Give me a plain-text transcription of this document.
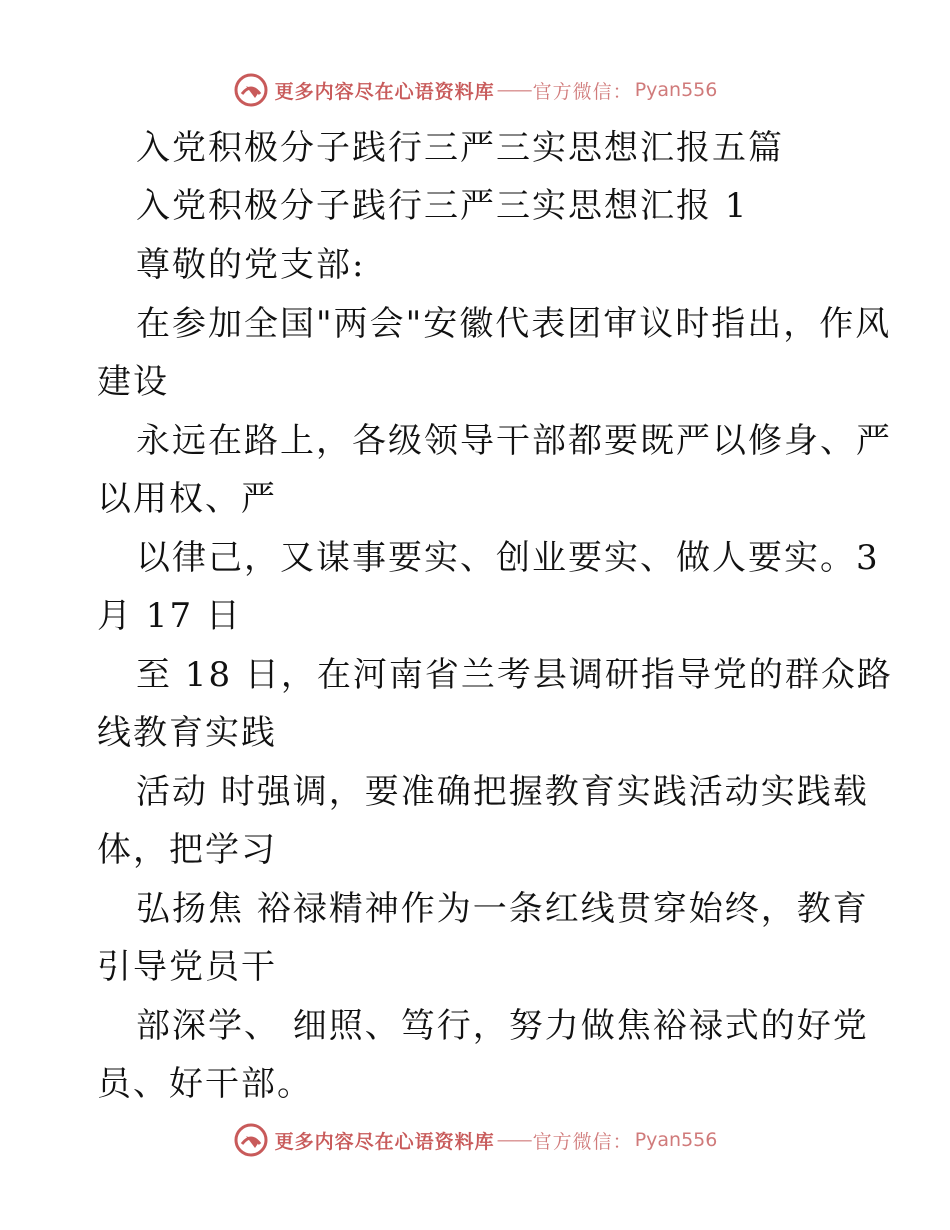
更多内容尽在心语资料库 —— 官方微信： Pyan556
入党积极分子践行三严三实思想汇报五篇
入党积极分子践行三严三实思想汇报 1
尊敬的党支部:
在参加全国"两会"安徽代表团审议时指出，作风
建设
永远在路上，各级领导干部都要既严以修身、严
以用权、严
以律己，又谋事要实、创业要实、做人要实。3
月 17 日
至 18 日，在河南省兰考县调研指导党的群众路
线教育实践
活动 时强调，要准确把握教育实践活动实践载
体，把学习
弘扬焦 裕禄精神作为一条红线贯穿始终，教育
引导党员干
部深学、 细照、笃行，努力做焦裕禄式的好党
员、好干部。
更多内容尽在心语资料库 —— 官方微信： Pyan556
